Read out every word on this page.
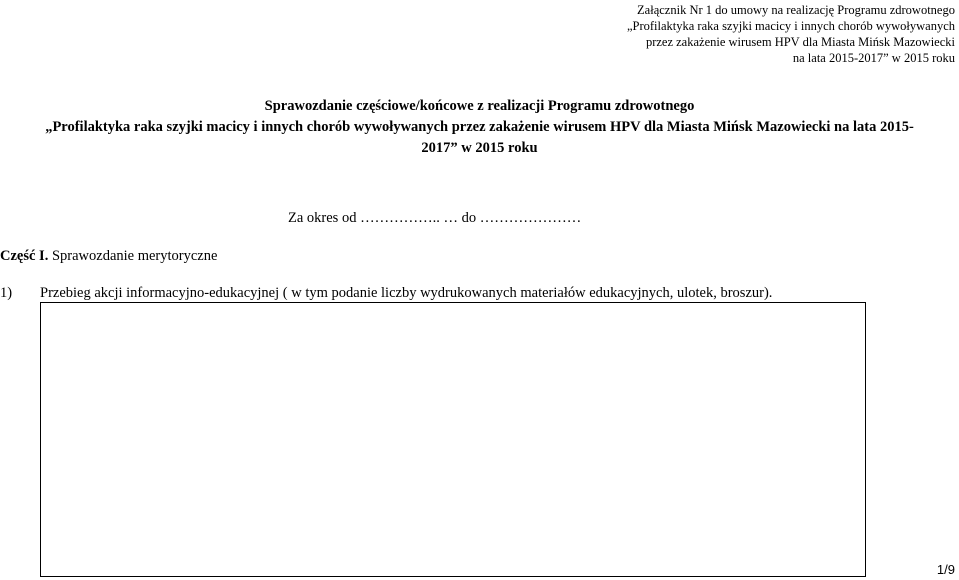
Załącznik Nr 1 do umowy na realizację Programu zdrowotnego
„Profilaktyka raka szyjki macicy i innych chorób wywoływanych
przez zakażenie wirusem HPV dla Miasta Mińsk Mazowiecki
na lata 2015-2017” w 2015 roku
Sprawozdanie częściowe/końcowe z realizacji Programu zdrowotnego
„Profilaktyka raka szyjki macicy i innych chorób wywoływanych przez zakażenie wirusem HPV dla Miasta Mińsk Mazowiecki na lata 2015-2017” w 2015 roku
Za okres od …………….. … do …………………
Część I. Sprawozdanie merytoryczne
1) Przebieg akcji informacyjno-edukacyjnej ( w tym podanie liczby wydrukowanych materiałów edukacyjnych, ulotek, broszur).
1/9
